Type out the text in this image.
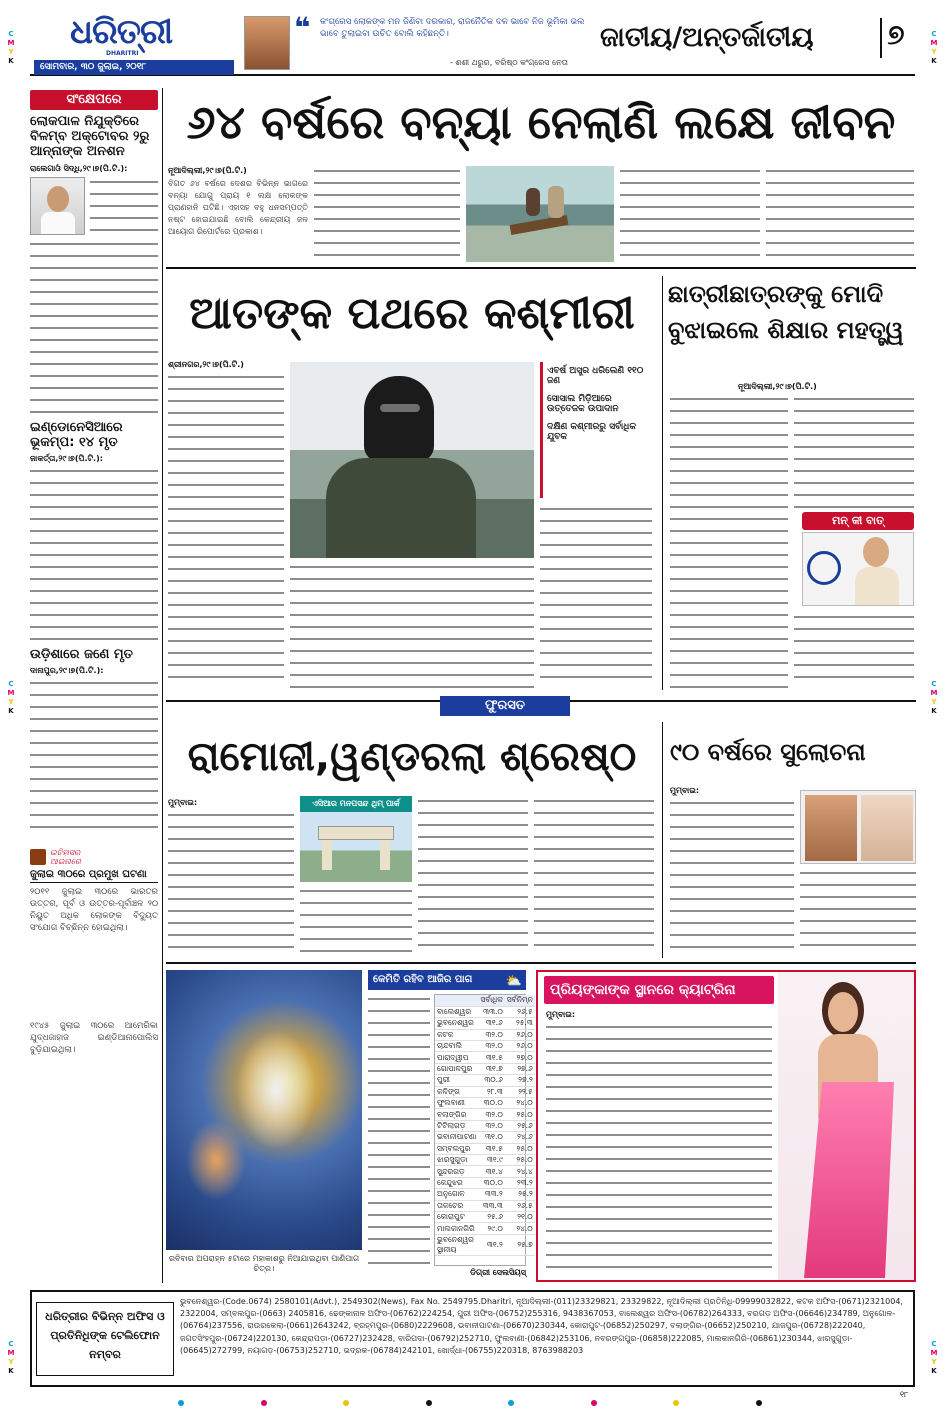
C
M
Y
K
C
M
Y
K
C
M
Y
K
C
M
Y
K
C
M
Y
K
C
M
Y
K
ଧରିତ୍ରୀ
DHARITRI
ସୋମବାର, ୩୦ ଜୁଲାଇ, ୨୦୧୮
❝ କଂଗ୍ରେସ ଲୋକଙ୍କ ମନ ଜିଣିବା ଦରକାର, ରାଜନୈତିକ ଦଳ ଭାବେ ନିଜ ଭୂମିକା ଭଲ ଭାବେ ତୁଲାଇବା ଉଚିତ ବୋଲି କହିଛନ୍ତି।
- ଶଶୀ ଥରୁର, ବରିଷ୍ଠ କଂଗ୍ରେସ ନେତା
ଜାତୀୟ/ଅନ୍ତର୍ଜାତୀୟ	୭
ସଂକ୍ଷେପରେ
ଲୋକପାଳ ନିଯୁକ୍ତିରେ ବିଳମ୍ବ ଅକ୍ଟୋବର ୨ରୁ ଆନ୍ନାଙ୍କ ଅନଶନ
ରାଲେଗାଓଁ ସିଦ୍ଧି,୨୯।୭(ପି.ଟି.):
ଇଣ୍ଡୋନେସିଆରେ ଭୂକମ୍ପ: ୧୪ ମୃତ
ଜାକର୍ତ୍ତା,୨୯।୭(ପି.ଟି.):
ଉଡ଼ିଶାରେ ଜଣେ ମୃତ
ଦାନାପୁର,୨୯।୭(ପି.ଟି.):
ଇତିହାସର
ଆଇନାରେ
ଜୁଲାଇ ୩୦ରେ ପ୍ରମୁଖ ଘଟଣା
୨୦୧୧ ଜୁଲାଇ ୩୦ରେ ଭାରତର ଉତ୍ତର, ପୂର୍ବ ଓ ଉତ୍ତର-ପୂର୍ବାଞ୍ଚଳ ୨୦ ନିୟୁତ ଅଧିକ ଲୋକଙ୍କ ବିଦ୍ୟୁତ ସଂଯୋଗ ବିଚ୍ଛିନ୍ନ ହୋଇଥିଲା।
୧୯୪୫ ଜୁଲାଇ ୩୦ରେ ଆମେରିକା ଯୁଦ୍ଧଜାହାଜ ଇଣ୍ଡିଆନାପୋଲିସ ବୁଡ଼ିଯାଇଥିଲା।
୬୪ ବର୍ଷରେ ବନ୍ୟା ନେଲାଣି ଲକ୍ଷେ ଜୀବନ
ନୂଆଦିଲ୍ଲୀ,୨୯।୭(ପି.ଟି.)
ବିଗତ ୬୪ ବର୍ଷରେ ଦେଶର ବିଭିନ୍ନ ଭାଗରେ ବନ୍ୟା ଯୋଗୁ ପ୍ରାୟ ୧ ଲକ୍ଷ ଲୋକଙ୍କ ପ୍ରାଣହାନି ଘଟିଛି। ଏହାସହ ବହୁ ଧନସମ୍ପତ୍ତି ନଷ୍ଟ ହୋଇଯାଇଛି ବୋଲି କେନ୍ଦ୍ରୀୟ ଜଳ ଆୟୋଗ ରିପୋର୍ଟରେ ପ୍ରକାଶ।
ଆତଙ୍କ ପଥରେ କଶ୍ମୀରୀ
ଶ୍ରୀନଗର,୨୯।୭(ପି.ଟି.)
ଏବର୍ଷ ଅସ୍ତ୍ର ଧରିଲେଣି ୧୧୦ ଜଣ
ସୋସାଲ ମିଡ଼ିଆରେ ଉତ୍ତେଜକ ଉପାଦାନ
ଦକ୍ଷିଣ କଶ୍ମୀରରୁ ସର୍ବାଧିକ ଯୁବକ
ଛାତ୍ରୀଛାତ୍ରଙ୍କୁ ମୋଦି ବୁଝାଇଲେ ଶିକ୍ଷାର ମହତ୍ତ୍ୱ
ନୂଆଦିଲ୍ଲୀ,୨୯।୭(ପି.ଟି.)
ମନ୍ କୀ ବାତ୍
ଫୁରସତ
ରାମୋଜୀ,ୱଣ୍ଡରଲା ଶ୍ରେଷ୍ଠ
ମୁମ୍ବାଇ:	ଏସିଆର ମନପସନ୍ଦ ଥିମ୍ ପାର୍କ
୯୦ ବର୍ଷରେ ସୁଲୋଚନା
ମୁମ୍ବାଇ:
ରବିବାର ଅପରାହ୍ନ ୫ଟାରେ ମହାକାଶରୁ ନିଆଯାଇଥିବା ପାଣିପାଗ ଚିତ୍ର।
କେମିତି ରହିବ ଆଜିର ପାଗ	⛅
	ସର୍ବାଧିକ	ସର୍ବନିମ୍ନ
ବାଲେଶ୍ୱର	୩୩.୦	୨୬.୫
ଭୁବନେଶ୍ୱର	୩୧.୬	୨୫.୩
କଟକ	୩୨.୦	୨୬.୦
ଚାନ୍ଦବାଲି	୩୨.୦	୨୬.୦
ପାରାଦ୍ୱୀପ	୩୧.୫	୨୭.୦
ଗୋପାଳପୁର	୩୧.୭	୨୭.୬
ପୁରୀ	୩୦.୬	୨୭.୨
କଳିଙ୍ଗ	୨୮.୩	୨୨.୫
ଫୁଲବାଣୀ	୩୦.୦	୨୪.୦
ବଲାଙ୍ଗିର	୩୨.୦	୨୫.୦
ଟିଟିଲାଗଡ଼	୩୨.୦	୨୫.୬
ଭବାନୀପାଟଣା	୩୧.୦	୨୪.୬
ସମ୍ବଲପୁର	୩୧.୫	୨୫.୦
ଝାରସୁଗୁଡ଼ା	୩୧.୯	୨୫.୦
ସୁନ୍ଦରଗଡ଼	୩୧.୪	୨୪.୪
କେନ୍ଦୁଝର	୩୦.୦	୨୩.୨
ଅନୁଗୋଳ	୩୩.୨	୨୫.୨
ତାଳଚେର	୩୩.୩	୨୬.୫
କୋରାପୁଟ	୨୫.୬	୨୧.୦
ମାଲକାନଗିରି	୨୯.୦	୨୪.୦
ଭୁବନେଶ୍ୱର ସ୍ଥାନୀୟ	୩୧.୨	୨୫.୭
ଡିଗ୍ରୀ ସେଲସିୟସ୍
ପ୍ରିୟଙ୍କାଙ୍କ ସ୍ଥାନରେ କ୍ୟାଟ୍ରିନା
ମୁମ୍ବାଇ:
ଧରିତ୍ରୀର ବିଭିନ୍ନ ଅଫିସ ଓ ପ୍ରତିନିଧିଙ୍କ ଟେଲିଫୋନ ନମ୍ବର
ଭୁବନେଶ୍ୱର-(Code.0674) 2580101(Advt.), 2549302(News), Fax No. 2549795.Dharitri, ନୂଆଦିଲ୍ଲୀ-(011)23329821, 23329822, ନୂଆଦିଲ୍ଲୀ ପ୍ରତିନିଧି-09999032822, କଟକ ଅଫିସ-(0671)2321004, 2322004, ସମ୍ବଲପୁର-(0663) 2405816, ଢେଙ୍କାନାଳ ଅଫିସ-(06762)224254, ପୁରୀ ଅଫିସ-(06752)255316, 9438367053, ବାଲେଶ୍ୱର ଅଫିସ-(06782)264333, ବରଗଡ଼ ଅଫିସ-(06646)234789, ଅନୁଗୋଳ-(06764)237556, ରାଉରକେଲା-(0661)2643242, ବ୍ରହ୍ମପୁର-(0680)2229608, ଭବାନୀପାଟଣା-(06670)230344, କୋରାପୁଟ-(06852)250297, ବଲାଙ୍ଗିର-(06652)250210, ଯାଜପୁର-(06728)222040, ଜଗତସିଂହପୁର-(06724)220130, କେନ୍ଦ୍ରାପଡ଼ା-(06727)232428, ବାରିପଦା-(06792)252710, ଫୁଲବାଣୀ-(06842)253106, ନବରଙ୍ଗପୁର-(06858)222085, ମାଲକାନଗିରି-(06861)230344, ଝାରସୁଗୁଡ଼ା-(06645)272799, ନୟାଗଡ଼-(06753)252710, ଭଦ୍ରକ-(06784)242101, ଖୋର୍ଦ୍ଧା-(06755)220318, 8763988203
୧୮
